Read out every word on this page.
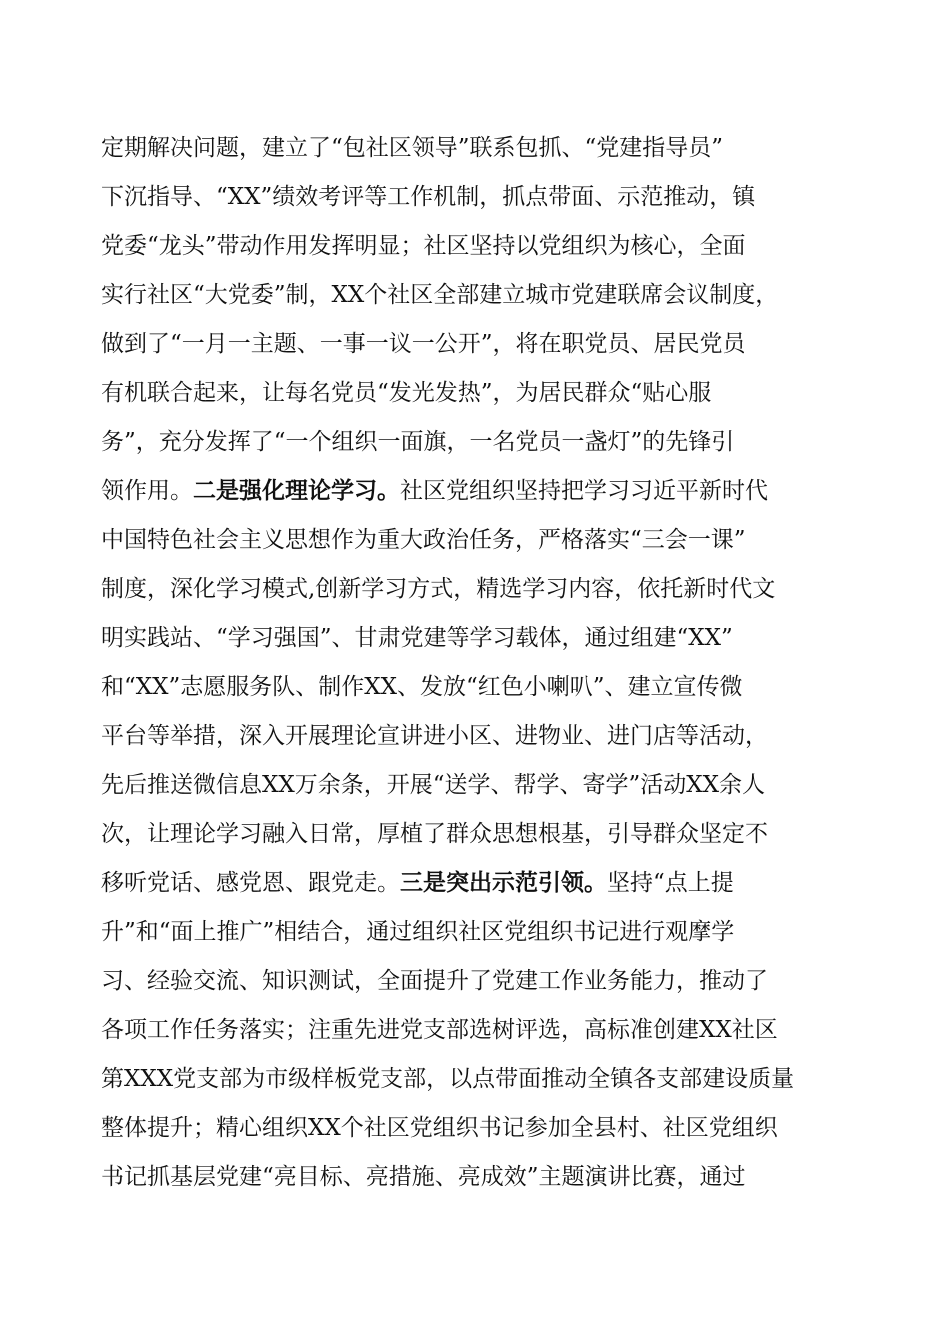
定期解决问题，建立了“包社区领导”联系包抓、“党建指导员”
下沉指导、“XX”绩效考评等工作机制，抓点带面、示范推动，镇
党委“龙头”带动作用发挥明显；社区坚持以党组织为核心，全面
实行社区“大党委”制，XX个社区全部建立城市党建联席会议制度，
做到了“一月一主题、一事一议一公开”，将在职党员、居民党员
有机联合起来，让每名党员“发光发热”，为居民群众“贴心服
务”，充分发挥了“一个组织一面旗，一名党员一盏灯”的先锋引
领作用。二是强化理论学习。社区党组织坚持把学习习近平新时代
中国特色社会主义思想作为重大政治任务，严格落实“三会一课”
制度，深化学习模式,创新学习方式，精选学习内容，依托新时代文
明实践站、“学习强国”、甘肃党建等学习载体，通过组建“XX”
和“XX”志愿服务队、制作XX、发放“红色小喇叭”、建立宣传微
平台等举措，深入开展理论宣讲进小区、进物业、进门店等活动，
先后推送微信息XX万余条，开展“送学、帮学、寄学”活动XX余人
次，让理论学习融入日常，厚植了群众思想根基，引导群众坚定不
移听党话、感党恩、跟党走。三是突出示范引领。坚持“点上提
升”和“面上推广”相结合，通过组织社区党组织书记进行观摩学
习、经验交流、知识测试，全面提升了党建工作业务能力，推动了
各项工作任务落实；注重先进党支部选树评选，高标准创建XX社区
第XXX党支部为市级样板党支部，以点带面推动全镇各支部建设质量
整体提升；精心组织XX个社区党组织书记参加全县村、社区党组织
书记抓基层党建“亮目标、亮措施、亮成效”主题演讲比赛，通过
